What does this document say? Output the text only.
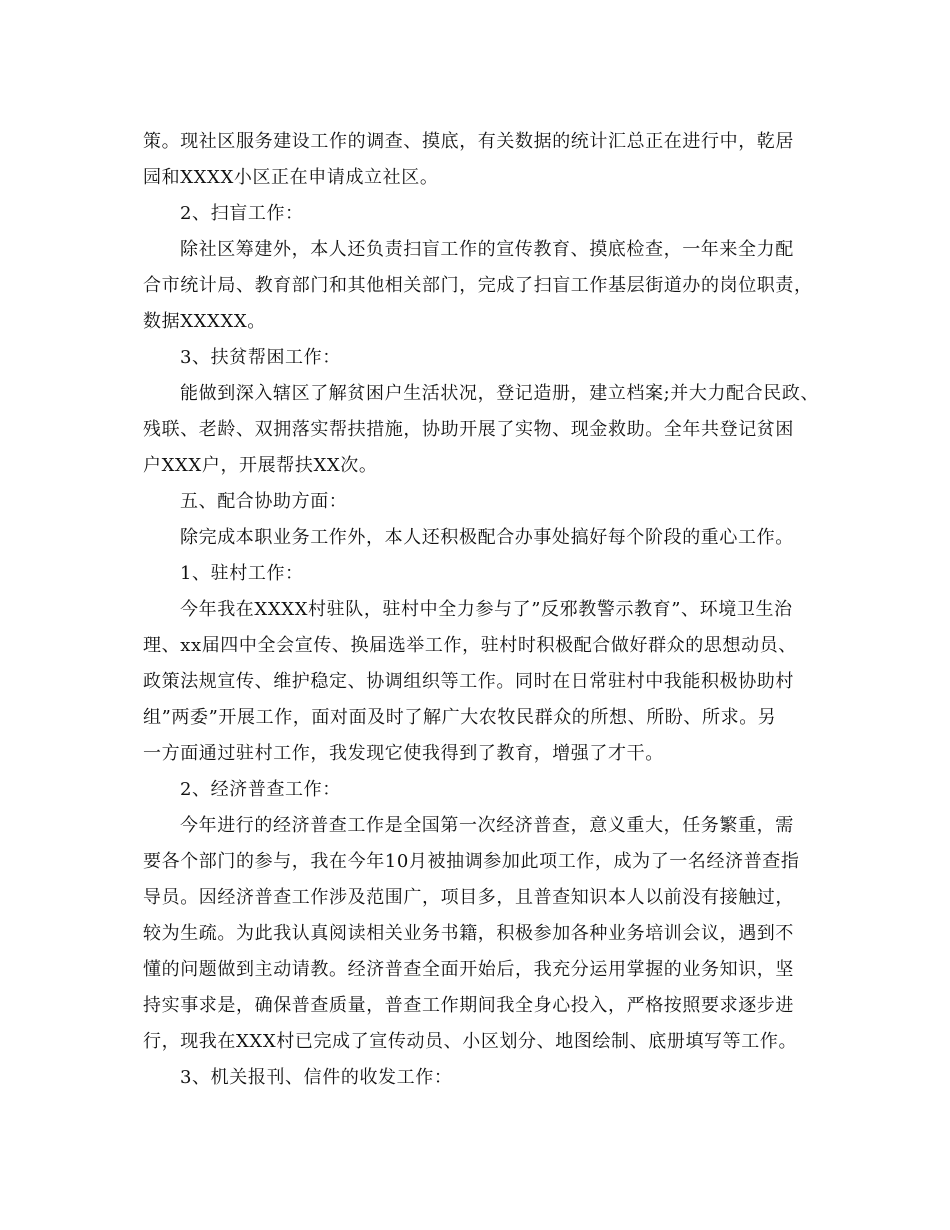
策。现社区服务建设工作的调查、摸底，有关数据的统计汇总正在进行中，乾居
园和XXXX小区正在申请成立社区。
2、扫盲工作：
除社区筹建外，本人还负责扫盲工作的宣传教育、摸底检查，一年来全力配
合市统计局、教育部门和其他相关部门，完成了扫盲工作基层街道办的岗位职责，
数据XXXXX。
3、扶贫帮困工作：
能做到深入辖区了解贫困户生活状况，登记造册，建立档案;并大力配合民政、
残联、老龄、双拥落实帮扶措施，协助开展了实物、现金救助。全年共登记贫困
户XXX户，开展帮扶XX次。
五、配合协助方面：
除完成本职业务工作外，本人还积极配合办事处搞好每个阶段的重心工作。
1、驻村工作：
今年我在XXXX村驻队，驻村中全力参与了”反邪教警示教育”、环境卫生治
理、xx届四中全会宣传、换届选举工作，驻村时积极配合做好群众的思想动员、
政策法规宣传、维护稳定、协调组织等工作。同时在日常驻村中我能积极协助村
组”两委”开展工作，面对面及时了解广大农牧民群众的所想、所盼、所求。另
一方面通过驻村工作，我发现它使我得到了教育，增强了才干。
2、经济普查工作：
今年进行的经济普查工作是全国第一次经济普查，意义重大，任务繁重，需
要各个部门的参与，我在今年10月被抽调参加此项工作，成为了一名经济普查指
导员。因经济普查工作涉及范围广，项目多，且普查知识本人以前没有接触过，
较为生疏。为此我认真阅读相关业务书籍，积极参加各种业务培训会议，遇到不
懂的问题做到主动请教。经济普查全面开始后，我充分运用掌握的业务知识，坚
持实事求是，确保普查质量，普查工作期间我全身心投入，严格按照要求逐步进
行，现我在XXX村已完成了宣传动员、小区划分、地图绘制、底册填写等工作。
3、机关报刊、信件的收发工作：
